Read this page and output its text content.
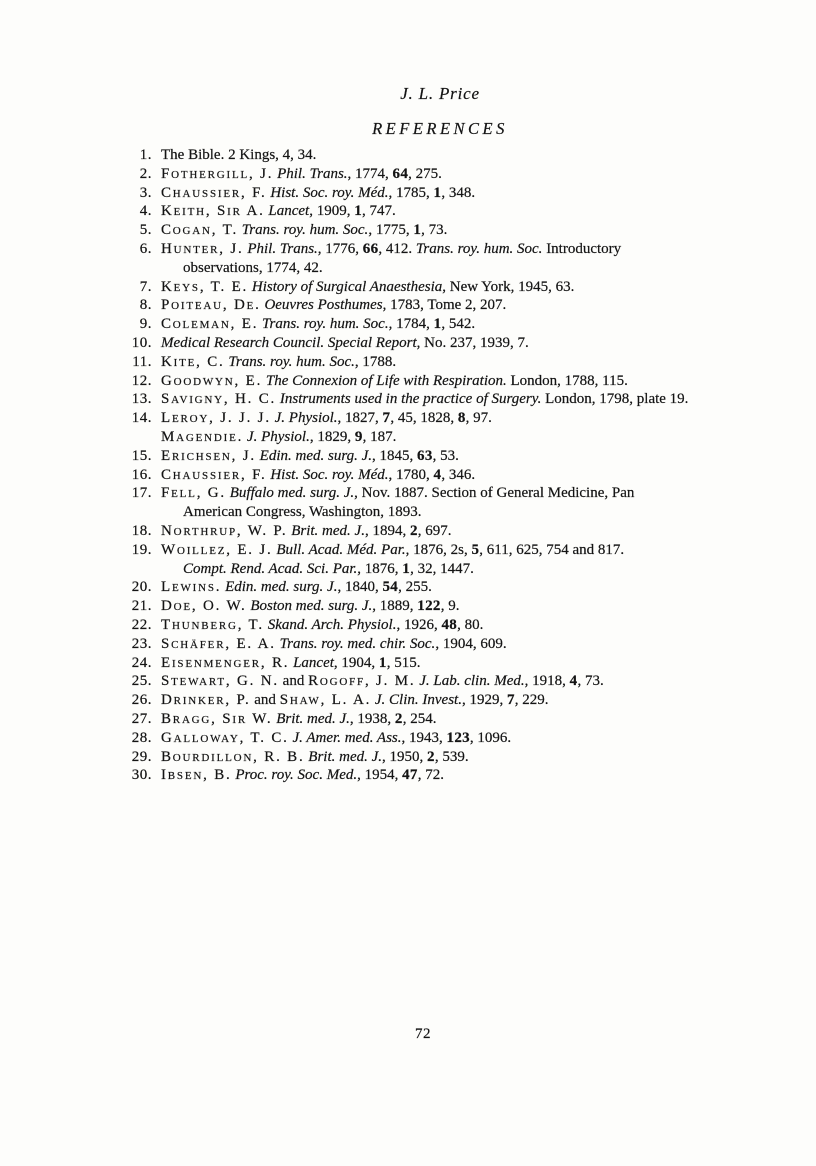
J. L. Price
REFERENCES
1. The Bible. 2 Kings, 4, 34.
2. Fothergill, J. Phil. Trans., 1774, 64, 275.
3. Chaussier, F. Hist. Soc. roy. Méd., 1785, 1, 348.
4. Keith, Sir A. Lancet, 1909, 1, 747.
5. Cogan, T. Trans. roy. hum. Soc., 1775, 1, 73.
6. Hunter, J. Phil. Trans., 1776, 66, 412. Trans. roy. hum. Soc. Introductory
observations, 1774, 42.
7. Keys, T. E. History of Surgical Anaesthesia, New York, 1945, 63.
8. Poiteau, De. Oeuvres Posthumes, 1783, Tome 2, 207.
9. Coleman, E. Trans. roy. hum. Soc., 1784, 1, 542.
10. Medical Research Council. Special Report, No. 237, 1939, 7.
11. Kite, C. Trans. roy. hum. Soc., 1788.
12. Goodwyn, E. The Connexion of Life with Respiration. London, 1788, 115.
13. Savigny, H. C. Instruments used in the practice of Surgery. London, 1798, plate 19.
14. Leroy, J. J. J. J. Physiol., 1827, 7, 45, 1828, 8, 97.
Magendie. J. Physiol., 1829, 9, 187.
15. Erichsen, J. Edin. med. surg. J., 1845, 63, 53.
16. Chaussier, F. Hist. Soc. roy. Méd., 1780, 4, 346.
17. Fell, G. Buffalo med. surg. J., Nov. 1887. Section of General Medicine, Pan
American Congress, Washington, 1893.
18. Northrup, W. P. Brit. med. J., 1894, 2, 697.
19. Woillez, E. J. Bull. Acad. Méd. Par., 1876, 2s, 5, 611, 625, 754 and 817.
Compt. Rend. Acad. Sci. Par., 1876, 1, 32, 1447.
20. Lewins. Edin. med. surg. J., 1840, 54, 255.
21. Doe, O. W. Boston med. surg. J., 1889, 122, 9.
22. Thunberg, T. Skand. Arch. Physiol., 1926, 48, 80.
23. Schäfer, E. A. Trans. roy. med. chir. Soc., 1904, 609.
24. Eisenmenger, R. Lancet, 1904, 1, 515.
25. Stewart, G. N. and Rogoff, J. M. J. Lab. clin. Med., 1918, 4, 73.
26. Drinker, P. and Shaw, L. A. J. Clin. Invest., 1929, 7, 229.
27. Bragg, Sir W. Brit. med. J., 1938, 2, 254.
28. Galloway, T. C. J. Amer. med. Ass., 1943, 123, 1096.
29. Bourdillon, R. B. Brit. med. J., 1950, 2, 539.
30. Ibsen, B. Proc. roy. Soc. Med., 1954, 47, 72.
72
